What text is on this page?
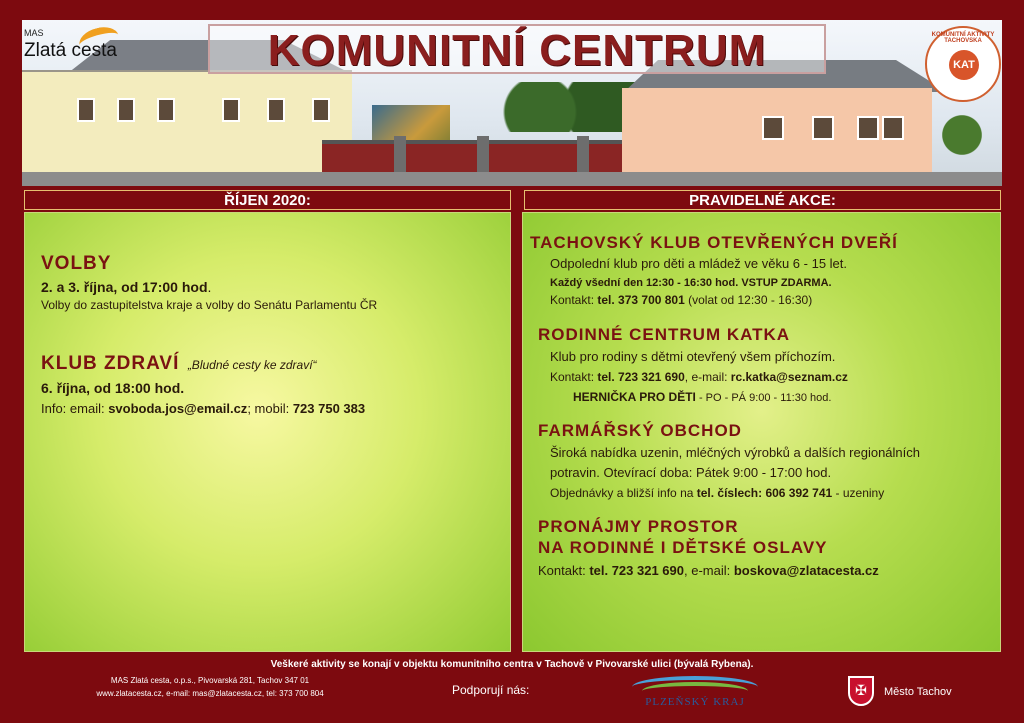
KOMUNITNÍ CENTRUM
MAS
Zlatá cesta
KOMUNITNÍ AKTIVITY TACHOVSKA
KAT
ŘÍJEN 2020:	PRAVIDELNÉ AKCE:
VOLBY
2. a 3. října, od 17:00 hod.
Volby do zastupitelstva kraje a volby do Senátu Parlamentu ČR
KLUB ZDRAVÍ „Bludné cesty ke zdraví“
6. října, od 18:00 hod.
Info: email: svoboda.jos@email.cz; mobil: 723 750 383
TACHOVSKÝ KLUB OTEVŘENÝCH DVEŘÍ
Odpolední klub pro děti a mládež ve věku 6 - 15 let.
Každý všední den 12:30 - 16:30 hod. VSTUP ZDARMA.
Kontakt: tel. 373 700 801 (volat od 12:30 - 16:30)
RODINNÉ CENTRUM KATKA
Klub pro rodiny s dětmi otevřený všem příchozím.
Kontakt: tel. 723 321 690, e-mail: rc.katka@seznam.cz
HERNIČKA PRO DĚTI - PO - PÁ 9:00 - 11:30 hod.
FARMÁŘSKÝ OBCHOD
Široká nabídka uzenin, mléčných výrobků a dalších regionálních
potravin. Otevírací doba: Pátek 9:00 - 17:00 hod.
Objednávky a bližší info na tel. číslech: 606 392 741 - uzeniny
PRONÁJMY PROSTOR
NA RODINNÉ I DĚTSKÉ OSLAVY
Kontakt: tel. 723 321 690, e-mail: boskova@zlatacesta.cz
Veškeré aktivity se konají v objektu komunitního centra v Tachově v Pivovarské ulici (bývalá Rybena).
MAS Zlatá cesta, o.p.s., Pivovarská 281, Tachov 347 01
www.zlatacesta.cz, e-mail: mas@zlatacesta.cz, tel: 373 700 804	Podporují nás:
PLZEŇSKÝ KRAJ
✠	Město Tachov
